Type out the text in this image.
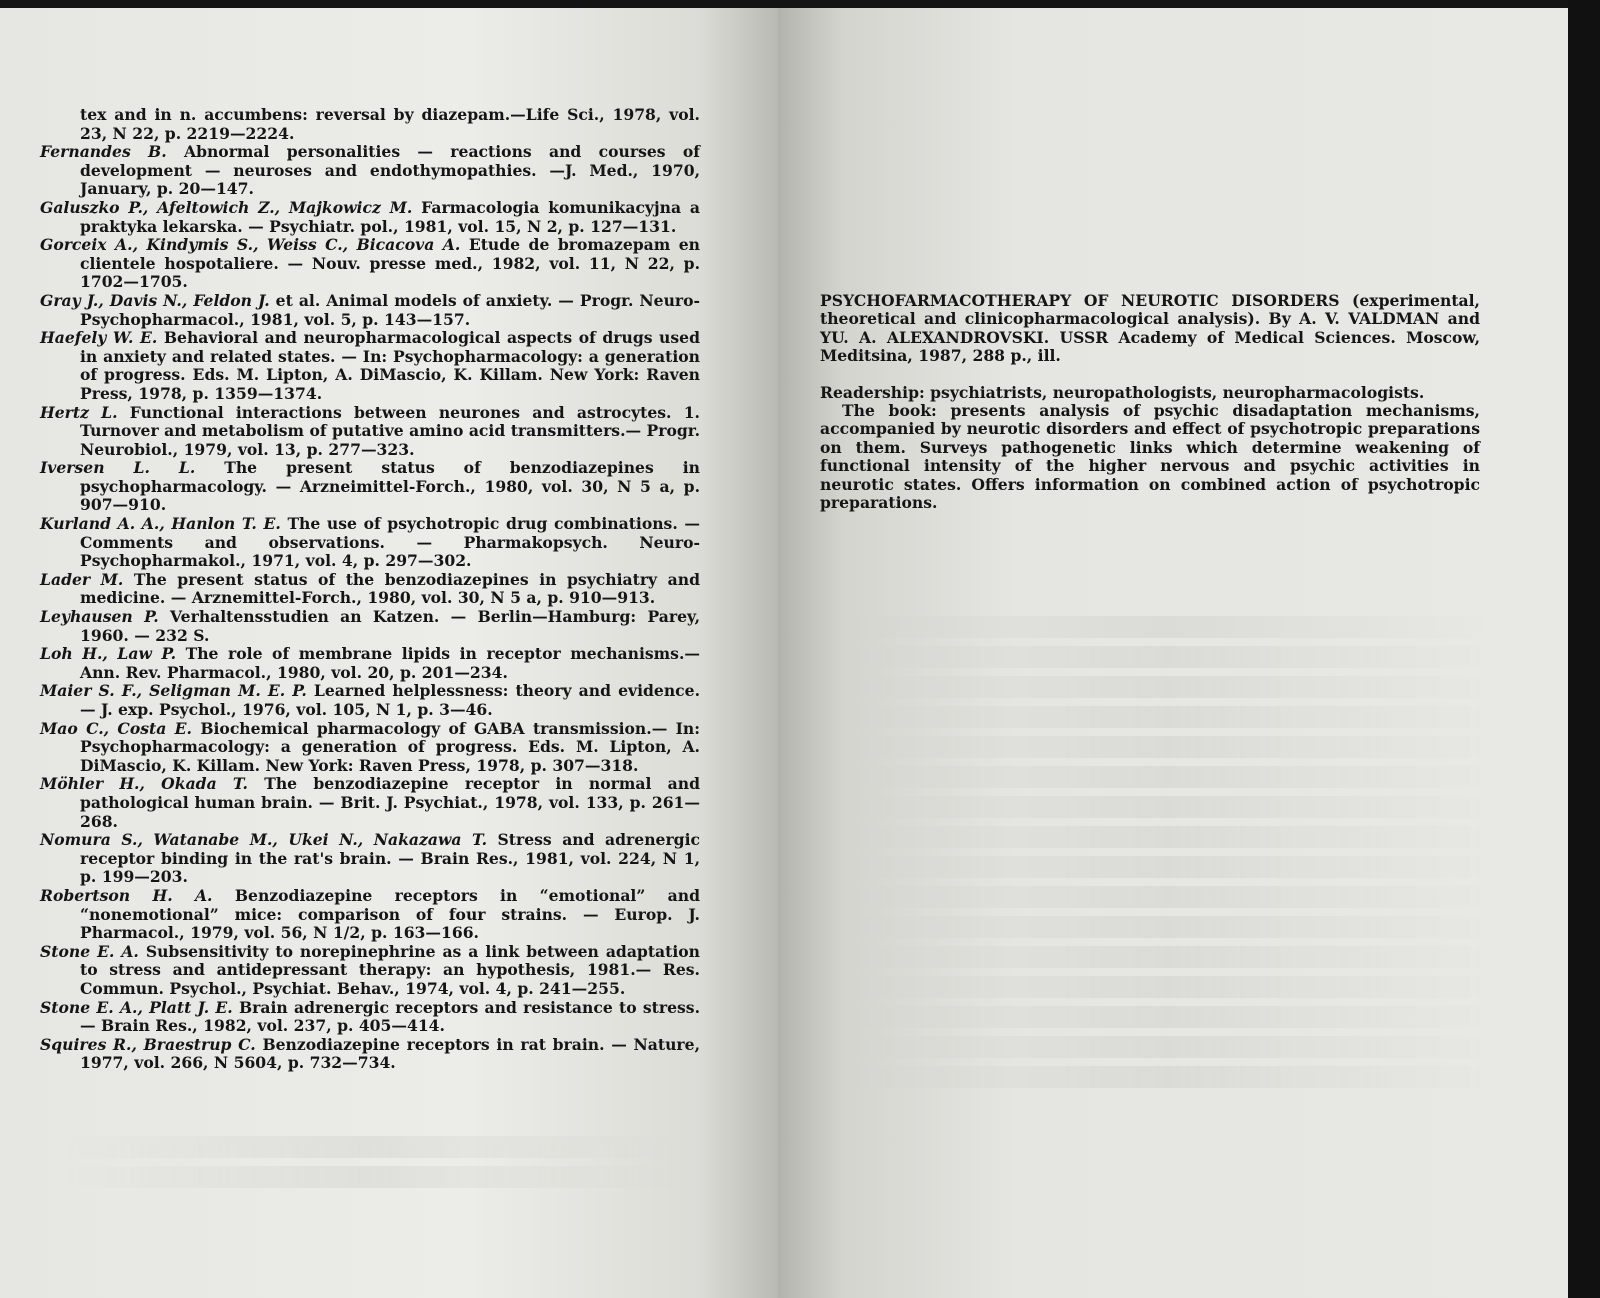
tex and in n. accumbens: reversal by diazepam.—Life Sci., 1978, vol. 23, N 22, p. 2219—2224.

Fernandes B. Abnormal personalities — reactions and courses of development — neuroses and endothymopathies. —J. Med., 1970, January, p. 20—147.

Galuszko P., Afeltowich Z., Majkowicz M. Farmacologia komunikacyjna a praktyka lekarska. — Psychiatr. pol., 1981, vol. 15, N 2, p. 127—131.

Gorceix A., Kindymis S., Weiss C., Bicacova A. Etude de bromazepam en clientele hospotaliere. — Nouv. presse med., 1982, vol. 11, N 22, p. 1702—1705.

Gray J., Davis N., Feldon J. et al. Animal models of anxiety. — Progr. Neuro-Psychopharmacol., 1981, vol. 5, p. 143—157.

Haefely W. E. Behavioral and neuropharmacological aspects of drugs used in anxiety and related states. — In: Psychopharmacology: a generation of progress. Eds. M. Lipton, A. DiMascio, K. Killam. New York: Raven Press, 1978, p. 1359—1374.

Hertz L. Functional interactions between neurones and astrocytes. 1. Turnover and metabolism of putative amino acid transmitters.— Progr. Neurobiol., 1979, vol. 13, p. 277—323.

Iversen L. L. The present status of benzodiazepines in psychopharmacology. — Arzneimittel-Forch., 1980, vol. 30, N 5 a, p. 907—910.

Kurland A. A., Hanlon T. E. The use of psychotropic drug combinations. — Comments and observations. — Pharmakopsych. Neuro-Psychopharmakol., 1971, vol. 4, p. 297—302.

Lader M. The present status of the benzodiazepines in psychiatry and medicine. — Arznemittel-Forch., 1980, vol. 30, N 5 a, p. 910—913.

Leyhausen P. Verhaltensstudien an Katzen. — Berlin—Hamburg: Parey, 1960. — 232 S.

Loh H., Law P. The role of membrane lipids in receptor mechanisms.— Ann. Rev. Pharmacol., 1980, vol. 20, p. 201—234.

Maier S. F., Seligman M. E. P. Learned helplessness: theory and evidence. — J. exp. Psychol., 1976, vol. 105, N 1, p. 3—46.

Mao C., Costa E. Biochemical pharmacology of GABA transmission.— In: Psychopharmacology: a generation of progress. Eds. M. Lipton, A. DiMascio, K. Killam. New York: Raven Press, 1978, p. 307—318.

Möhler H., Okada T. The benzodiazepine receptor in normal and pathological human brain. — Brit. J. Psychiat., 1978, vol. 133, p. 261—268.

Nomura S., Watanabe M., Ukei N., Nakazawa T. Stress and adrenergic receptor binding in the rat's brain. — Brain Res., 1981, vol. 224, N 1, p. 199—203.

Robertson H. A. Benzodiazepine receptors in “emotional” and “nonemotional” mice: comparison of four strains. — Europ. J. Pharmacol., 1979, vol. 56, N 1/2, p. 163—166.

Stone E. A. Subsensitivity to norepinephrine as a link between adaptation to stress and antidepressant therapy: an hypothesis, 1981.— Res. Commun. Psychol., Psychiat. Behav., 1974, vol. 4, p. 241—255.

Stone E. A., Platt J. E. Brain adrenergic receptors and resistance to stress. — Brain Res., 1982, vol. 237, p. 405—414.

Squires R., Braestrup C. Benzodiazepine receptors in rat brain. — Nature, 1977, vol. 266, N 5604, p. 732—734.

PSYCHOFARMACOTHERAPY OF NEUROTIC DISORDERS (experimental, theoretical and clinicopharmacological analysis). By A. V. VALDMAN and YU. A. ALEXANDROVSKI. USSR Academy of Medical Sciences. Moscow, Meditsina, 1987, 288 p., ill.

Readership: psychiatrists, neuropathologists, neuropharmacologists.

The book: presents analysis of psychic disadaptation mechanisms, accompanied by neurotic disorders and effect of psychotropic preparations on them. Surveys pathogenetic links which determine weakening of functional intensity of the higher nervous and psychic activities in neurotic states. Offers information on combined action of psychotropic preparations.
